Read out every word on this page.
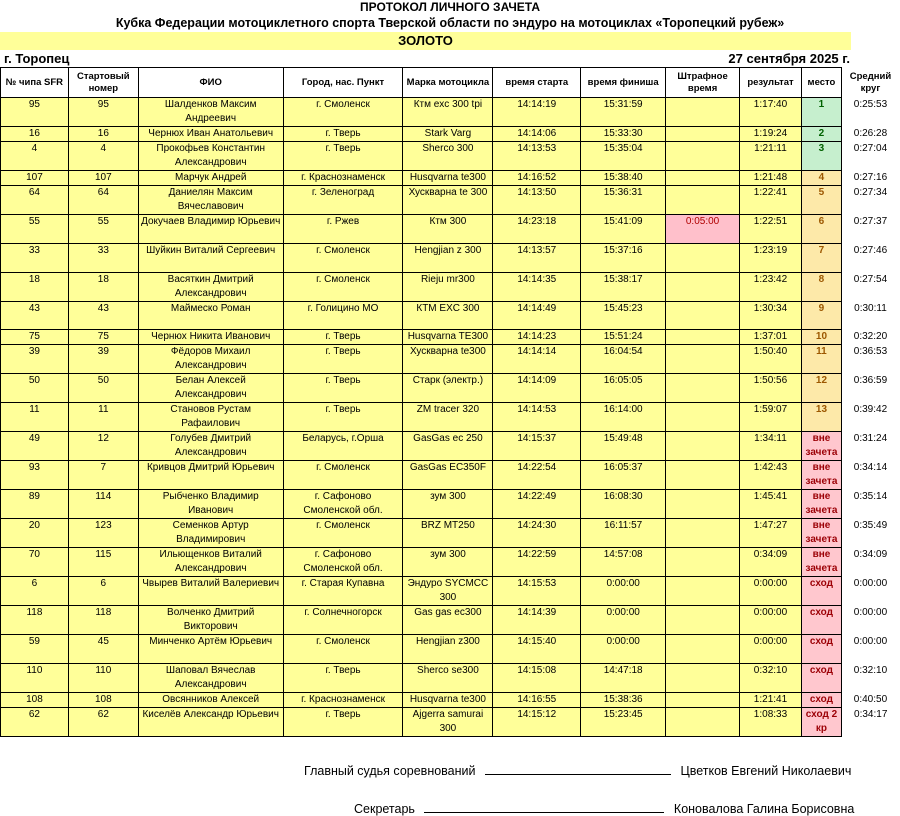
ПРОТОКОЛ ЛИЧНОГО ЗАЧЕТА
Кубка Федерации мотоциклетного спорта Тверской области по эндуро на мотоциклах «Торопецкий рубеж»
ЗОЛОТО
г. Торопец	27 сентября 2025 г.
№ чипа SFR	Стартовый номер	ФИО	Город, нас. Пункт	Марка мотоцикла	время старта	время финиша	Штрафное время	результат	место	Средний круг
95	95	Шалденков Максим Андреевич	г. Смоленск	Ктм exc 300 tpi	14:14:19	15:31:59		1:17:40	1	0:25:53
16	16	Чернюх Иван Анатольевич	г. Тверь	Stark Varg	14:14:06	15:33:30		1:19:24	2	0:26:28
4	4	Прокофьев Константин Александрович	г. Тверь	Sherco 300	14:13:53	15:35:04		1:21:11	3	0:27:04
107	107	Марчук Андрей	г. Краснознаменск	Husqvarna te300	14:16:52	15:38:40		1:21:48	4	0:27:16
64	64	Даниелян Максим Вячеславович	г. Зеленоград	Хускварна te 300	14:13:50	15:36:31		1:22:41	5	0:27:34
55	55	Докучаев Владимир Юрьевич	г. Ржев	Ктм 300	14:23:18	15:41:09	0:05:00	1:22:51	6	0:27:37
33	33	Шуйкин Виталий Сергеевич	г. Смоленск	Hengjian z 300	14:13:57	15:37:16		1:23:19	7	0:27:46
18	18	Васяткин Дмитрий Александрович	г. Смоленск	Rieju mr300	14:14:35	15:38:17		1:23:42	8	0:27:54
43	43	Маймеско Роман	г. Голицино МО	КТМ EXC 300	14:14:49	15:45:23		1:30:34	9	0:30:11
75	75	Чернюх Никита Иванович	г. Тверь	Husqvarna TE300	14:14:23	15:51:24		1:37:01	10	0:32:20
39	39	Фёдоров Михаил Александрович	г. Тверь	Хускварна te300	14:14:14	16:04:54		1:50:40	11	0:36:53
50	50	Белан Алексей Александрович	г. Тверь	Старк (электр.)	14:14:09	16:05:05		1:50:56	12	0:36:59
11	11	Становов Рустам Рафаилович	г. Тверь	ZM tracer 320	14:14:53	16:14:00		1:59:07	13	0:39:42
49	12	Голубев Дмитрий Александрович	Беларусь, г.Орша	GasGas ec 250	14:15:37	15:49:48		1:34:11	вне зачета	0:31:24
93	7	Кривцов Дмитрий Юрьевич	г. Смоленск	GasGas EC350F	14:22:54	16:05:37		1:42:43	вне зачета	0:34:14
89	114	Рыбченко Владимир Иванович	г. Сафоново Смоленской обл.	зум 300	14:22:49	16:08:30		1:45:41	вне зачета	0:35:14
20	123	Семенков Артур Владимирович	г. Смоленск	BRZ MT250	14:24:30	16:11:57		1:47:27	вне зачета	0:35:49
70	115	Ильющенков Виталий Александрович	г. Сафоново Смоленской обл.	зум 300	14:22:59	14:57:08		0:34:09	вне зачета	0:34:09
6	6	Чвырев Виталий Валериевич	г. Старая Купавна	Эндуро SYCMCC 300	14:15:53	0:00:00		0:00:00	сход	0:00:00
118	118	Волченко Дмитрий Викторович	г. Солнечногорск	Gas gas ec300	14:14:39	0:00:00		0:00:00	сход	0:00:00
59	45	Минченко Артём Юрьевич	г. Смоленск	Hengjian z300	14:15:40	0:00:00		0:00:00	сход	0:00:00
110	110	Шаповал Вячеслав Александрович	г. Тверь	Sherco se300	14:15:08	14:47:18		0:32:10	сход	0:32:10
108	108	Овсянников Алексей	г. Краснознаменск	Husqvarna te300	14:16:55	15:38:36		1:21:41	сход	0:40:50
62	62	Киселёв Александр Юрьевич	г. Тверь	Ajgerra samurai 300	14:15:12	15:23:45		1:08:33	сход 2 кр	0:34:17
Главный судья соревнований	Цветков Евгений Николаевич
Секретарь	Коновалова Галина Борисовна
